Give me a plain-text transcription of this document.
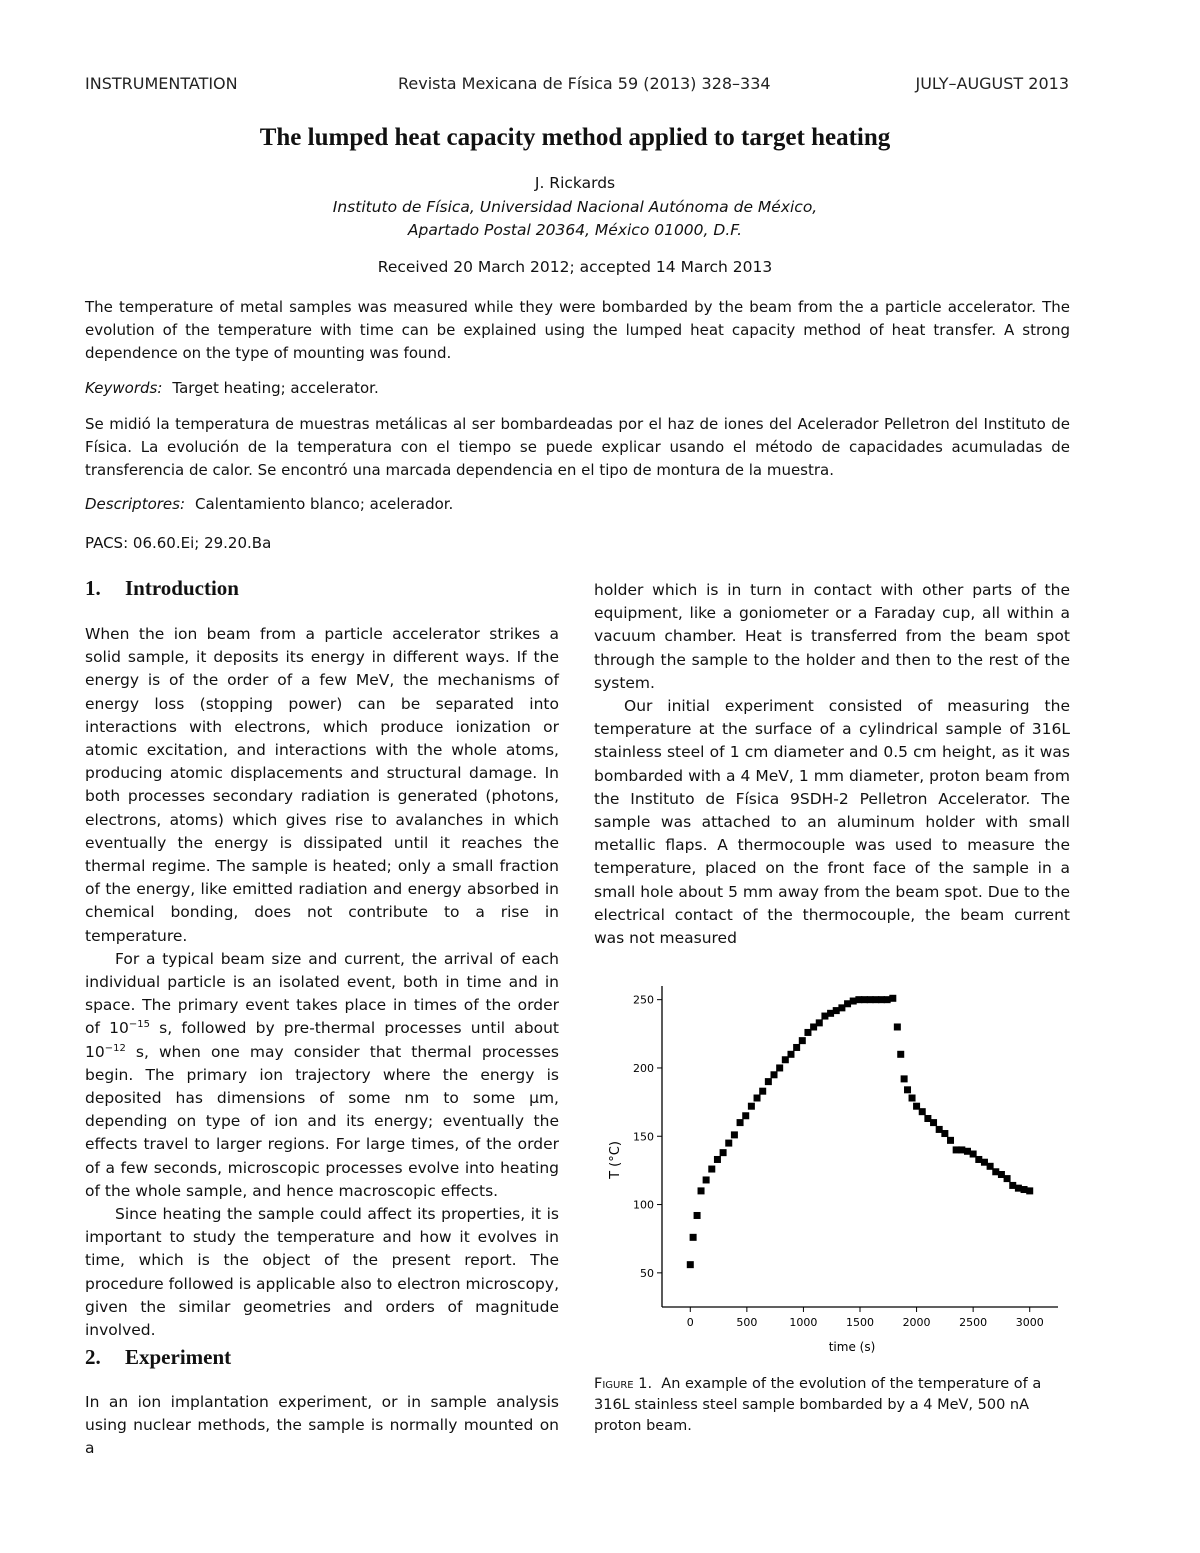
INSTRUMENTATION	Revista Mexicana de Física 59 (2013) 328–334	JULY–AUGUST 2013
The lumped heat capacity method applied to target heating
J. Rickards
Instituto de Física, Universidad Nacional Autónoma de México,
Apartado Postal 20364, México 01000, D.F.
Received 20 March 2012; accepted 14 March 2013
The temperature of metal samples was measured while they were bombarded by the beam from the a particle accelerator. The evolution of the temperature with time can be explained using the lumped heat capacity method of heat transfer. A strong dependence on the type of mounting was found.
Keywords: Target heating; accelerator.
Se midió la temperatura de muestras metálicas al ser bombardeadas por el haz de iones del Acelerador Pelletron del Instituto de Física. La evolución de la temperatura con el tiempo se puede explicar usando el método de capacidades acumuladas de transferencia de calor. Se encontró una marcada dependencia en el tipo de montura de la muestra.
Descriptores: Calentamiento blanco; acelerador.
PACS: 06.60.Ei; 29.20.Ba
1. Introduction

When the ion beam from a particle accelerator strikes a solid sample, it deposits its energy in different ways. If the energy is of the order of a few MeV, the mechanisms of energy loss (stopping power) can be separated into interactions with electrons, which produce ionization or atomic excitation, and interactions with the whole atoms, producing atomic displacements and structural damage. In both processes secondary radiation is generated (photons, electrons, atoms) which gives rise to avalanches in which eventually the energy is dissipated until it reaches the thermal regime. The sample is heated; only a small fraction of the energy, like emitted radiation and energy absorbed in chemical bonding, does not contribute to a rise in temperature.

For a typical beam size and current, the arrival of each individual particle is an isolated event, both in time and in space. The primary event takes place in times of the order of $10^{-15}$ s, followed by pre-thermal processes until about $10^{-12}$ s, when one may consider that thermal processes begin. The primary ion trajectory where the energy is deposited has dimensions of some nm to some μm, depending on type of ion and its energy; eventually the effects travel to larger regions. For large times, of the order of a few seconds, microscopic processes evolve into heating of the whole sample, and hence macroscopic effects.

Since heating the sample could affect its properties, it is important to study the temperature and how it evolves in time, which is the object of the present report. The procedure followed is applicable also to electron microscopy, given the similar geometries and orders of magnitude involved.

2. Experiment

In an ion implantation experiment, or in sample analysis using nuclear methods, the sample is normally mounted on a

holder which is in turn in contact with other parts of the equipment, like a goniometer or a Faraday cup, all within a vacuum chamber. Heat is transferred from the beam spot through the sample to the holder and then to the rest of the system.

Our initial experiment consisted of measuring the temperature at the surface of a cylindrical sample of 316L stainless steel of 1 cm diameter and 0.5 cm height, as it was bombarded with a 4 MeV, 1 mm diameter, proton beam from the Instituto de Física 9SDH-2 Pelletron Accelerator. The sample was attached to an aluminum holder with small metallic flaps. A thermocouple was used to measure the temperature, placed on the front face of the sample in a small hole about 5 mm away from the beam spot. Due to the electrical contact of the thermocouple, the beam current was not measured

0	500	1000	1500	2000	2500	3000
50
100
150
200
250
time (s)
T (°C)
Figure 1. An example of the evolution of the temperature of a 316L stainless steel sample bombarded by a 4 MeV, 500 nA proton beam.
